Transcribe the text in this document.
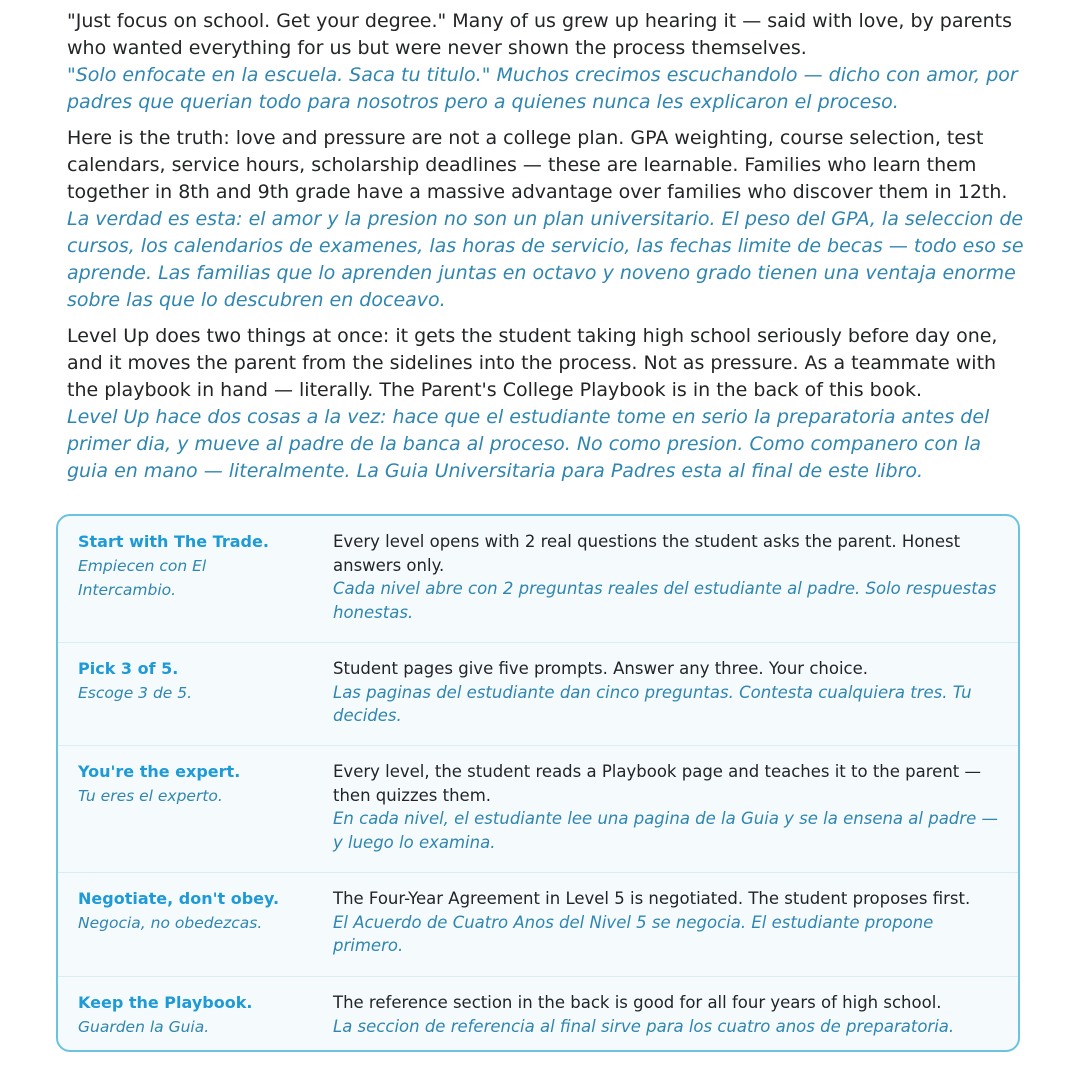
"Just focus on school. Get your degree." Many of us grew up hearing it — said with love, by parents who wanted everything for us but were never shown the process themselves.

"Solo enfocate en la escuela. Saca tu titulo." Muchos crecimos escuchandolo — dicho con amor, por padres que querian todo para nosotros pero a quienes nunca les explicaron el proceso.

Here is the truth: love and pressure are not a college plan. GPA weighting, course selection, test calendars, service hours, scholarship deadlines — these are learnable. Families who learn them together in 8th and 9th grade have a massive advantage over families who discover them in 12th.

La verdad es esta: el amor y la presion no son un plan universitario. El peso del GPA, la seleccion de cursos, los calendarios de examenes, las horas de servicio, las fechas limite de becas — todo eso se aprende. Las familias que lo aprenden juntas en octavo y noveno grado tienen una ventaja enorme sobre las que lo descubren en doceavo.

Level Up does two things at once: it gets the student taking high school seriously before day one, and it moves the parent from the sidelines into the process. Not as pressure. As a teammate with the playbook in hand — literally. The Parent's College Playbook is in the back of this book.

Level Up hace dos cosas a la vez: hace que el estudiante tome en serio la preparatoria antes del primer dia, y mueve al padre de la banca al proceso. No como presion. Como companero con la guia en mano — literalmente. La Guia Universitaria para Padres esta al final de este libro.

Start with The Trade.

Empiecen con El Intercambio.

Every level opens with 2 real questions the student asks the parent. Honest answers only.

Cada nivel abre con 2 preguntas reales del estudiante al padre. Solo respuestas honestas.

Pick 3 of 5.

Escoge 3 de 5.

Student pages give five prompts. Answer any three. Your choice.

Las paginas del estudiante dan cinco preguntas. Contesta cualquiera tres. Tu decides.

You're the expert.

Tu eres el experto.

Every level, the student reads a Playbook page and teaches it to the parent — then quizzes them.

En cada nivel, el estudiante lee una pagina de la Guia y se la ensena al padre — y luego lo examina.

Negotiate, don't obey.

Negocia, no obedezcas.

The Four-Year Agreement in Level 5 is negotiated. The student proposes first.

El Acuerdo de Cuatro Anos del Nivel 5 se negocia. El estudiante propone primero.

Keep the Playbook.

Guarden la Guia.

The reference section in the back is good for all four years of high school.

La seccion de referencia al final sirve para los cuatro anos de preparatoria.
